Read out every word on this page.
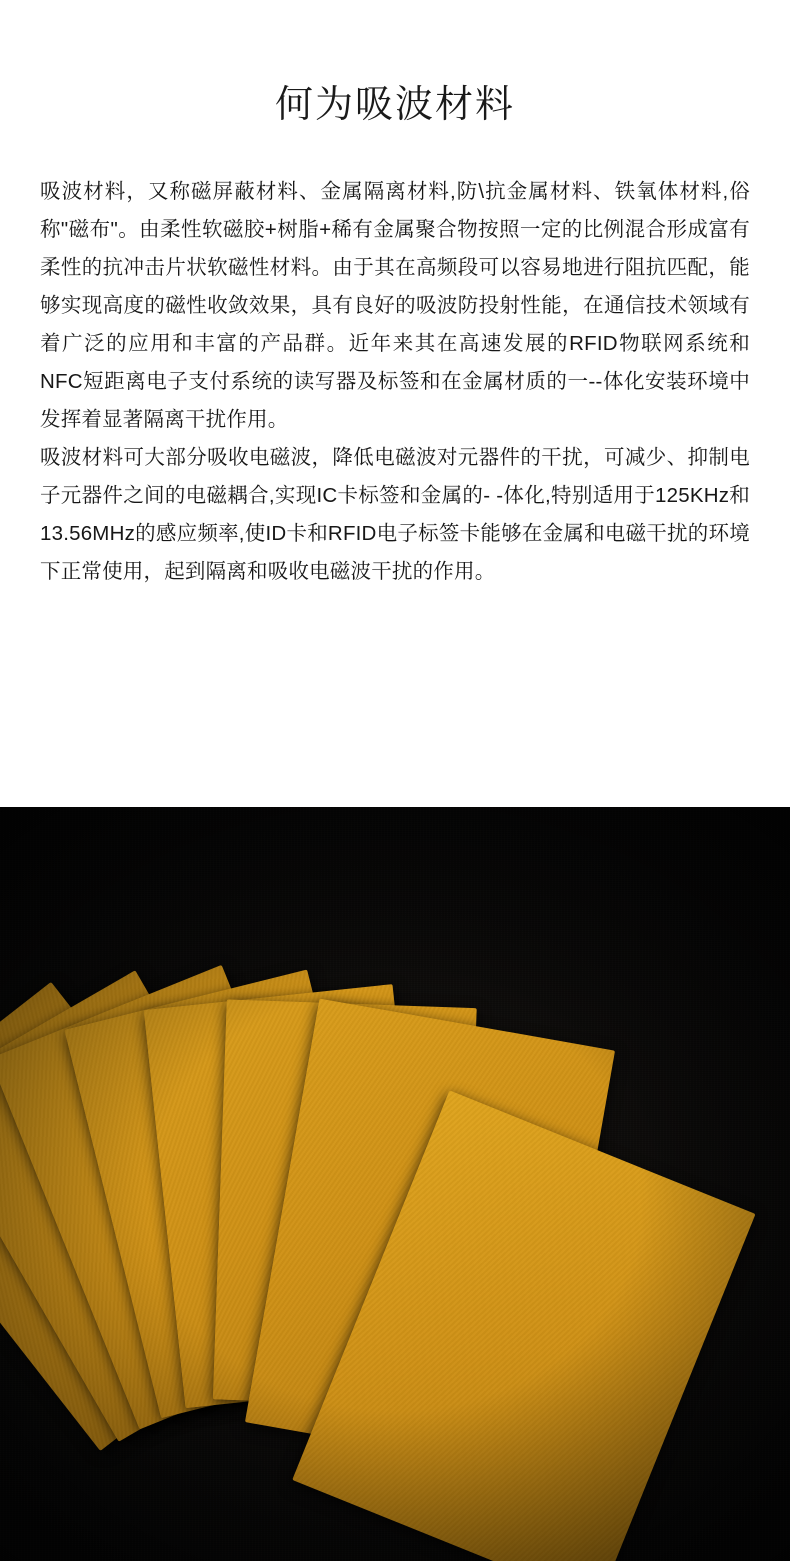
何为吸波材料

吸波材料，又称磁屏蔽材料、金属隔离材料,防\抗金属材料、铁氧体材料,俗称"磁布"。由柔性软磁胶+树脂+稀有金属聚合物按照一定的比例混合形成富有柔性的抗冲击片状软磁性材料。由于其在高频段可以容易地进行阻抗匹配，能够实现高度的磁性收敛效果，具有良好的吸波防投射性能，在通信技术领域有着广泛的应用和丰富的产品群。近年来其在高速发展的RFID物联网系统和NFC短距离电子支付系统的读写器及标签和在金属材质的一--体化安装环境中发挥着显著隔离干扰作用。

吸波材料可大部分吸收电磁波，降低电磁波对元器件的干扰，可减少、抑制电子元器件之间的电磁耦合,实现IC卡标签和金属的- -体化,特别适用于125KHz和13.56MHz的感应频率,使ID卡和RFID电子标签卡能够在金属和电磁干扰的环境下正常使用，起到隔离和吸收电磁波干扰的作用。
